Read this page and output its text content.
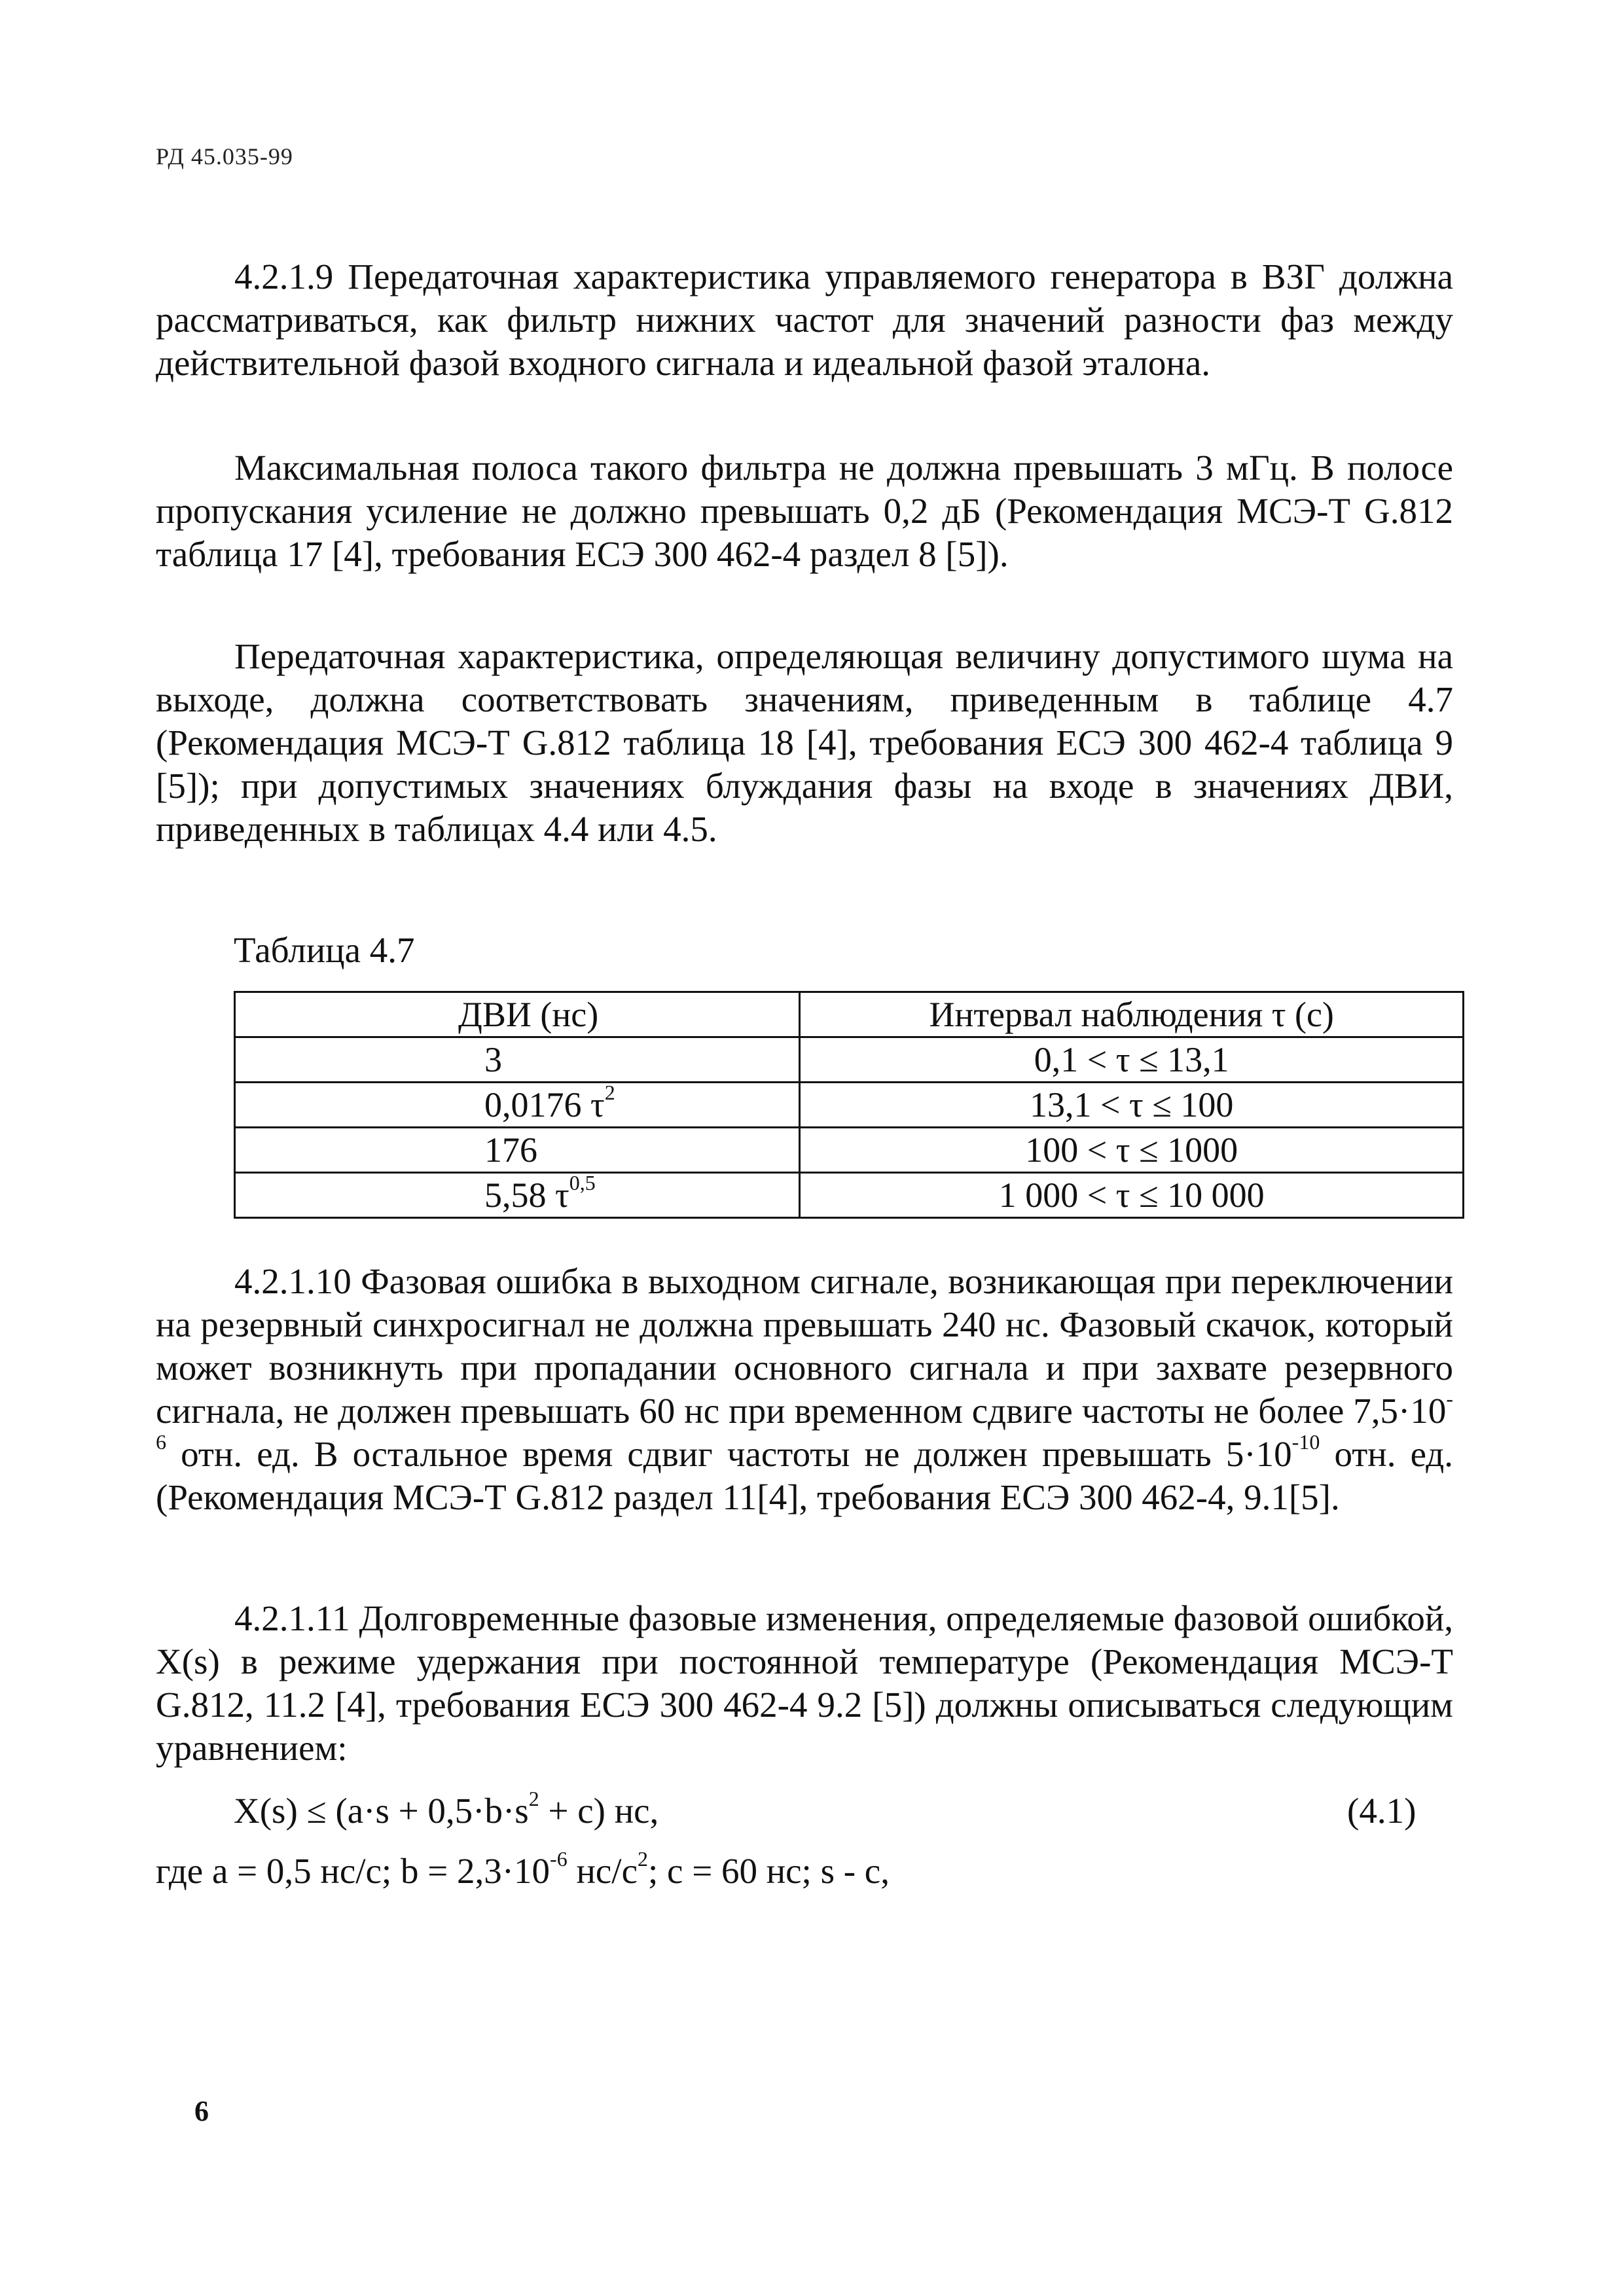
РД 45.035-99

4.2.1.9 Передаточная характеристика управляемого генератора в ВЗГ должна рассматриваться, как фильтр нижних частот для значений разности фаз между действительной фазой входного сигнала и идеальной фазой эталона.

Максимальная полоса такого фильтра не должна превышать 3 мГц. В полосе пропускания усиление не должно превышать 0,2 дБ (Рекомендация МСЭ-Т G.812 таблица 17 [4], требования ЕСЭ 300 462-4 раздел 8 [5]).

Передаточная характеристика, определяющая величину допустимого шума на выходе, должна соответствовать значениям, приведенным в таблице 4.7 (Рекомендация МСЭ-Т G.812 таблица 18 [4], требования ЕСЭ 300 462-4 таблица 9 [5]); при допустимых значениях блуждания фазы на входе в значениях ДВИ, приведенных в таблицах 4.4 или 4.5.

Таблица 4.7
ДВИ (нс)	Интервал наблюдения τ (с)
3	0,1 < τ ≤ 13,1
0,0176 $\tau^2$	13,1 < τ ≤ 100
176	100 < τ ≤ 1000
5,58 $\tau^{0,5}$	1 000 < τ ≤ 10 000

4.2.1.10 Фазовая ошибка в выходном сигнале, возникающая при переключении на резервный синхросигнал не должна превышать 240 нс. Фазовый скачок, который может возникнуть при пропадании основного сигнала и при захвате резервного сигнала, не должен превышать 60 нс при временном сдвиге частоты не более $7,5\cdot 10^{-6}$ отн. ед. В остальное время сдвиг частоты не должен превышать $5\cdot 10^{-10}$ отн. ед. (Рекомендация МСЭ-Т G.812 раздел 11[4], требования ЕСЭ 300 462-4, 9.1[5].

4.2.1.11 Долговременные фазовые изменения, определяемые фазовой ошибкой, X(s) в режиме удержания при постоянной температуре (Рекомендация МСЭ-Т G.812, 11.2 [4], требования ЕСЭ 300 462-4 9.2 [5]) должны описываться следующим уравнением:

$X(s) \le (a\cdot s + 0,5\cdot b\cdot s^2 + c)$ нс,	(4.1)
где a = 0,5 нс/с; $b = 2,3\cdot 10^{-6}$ $нс/с^2$; c = 60 нс; s - с,
6
